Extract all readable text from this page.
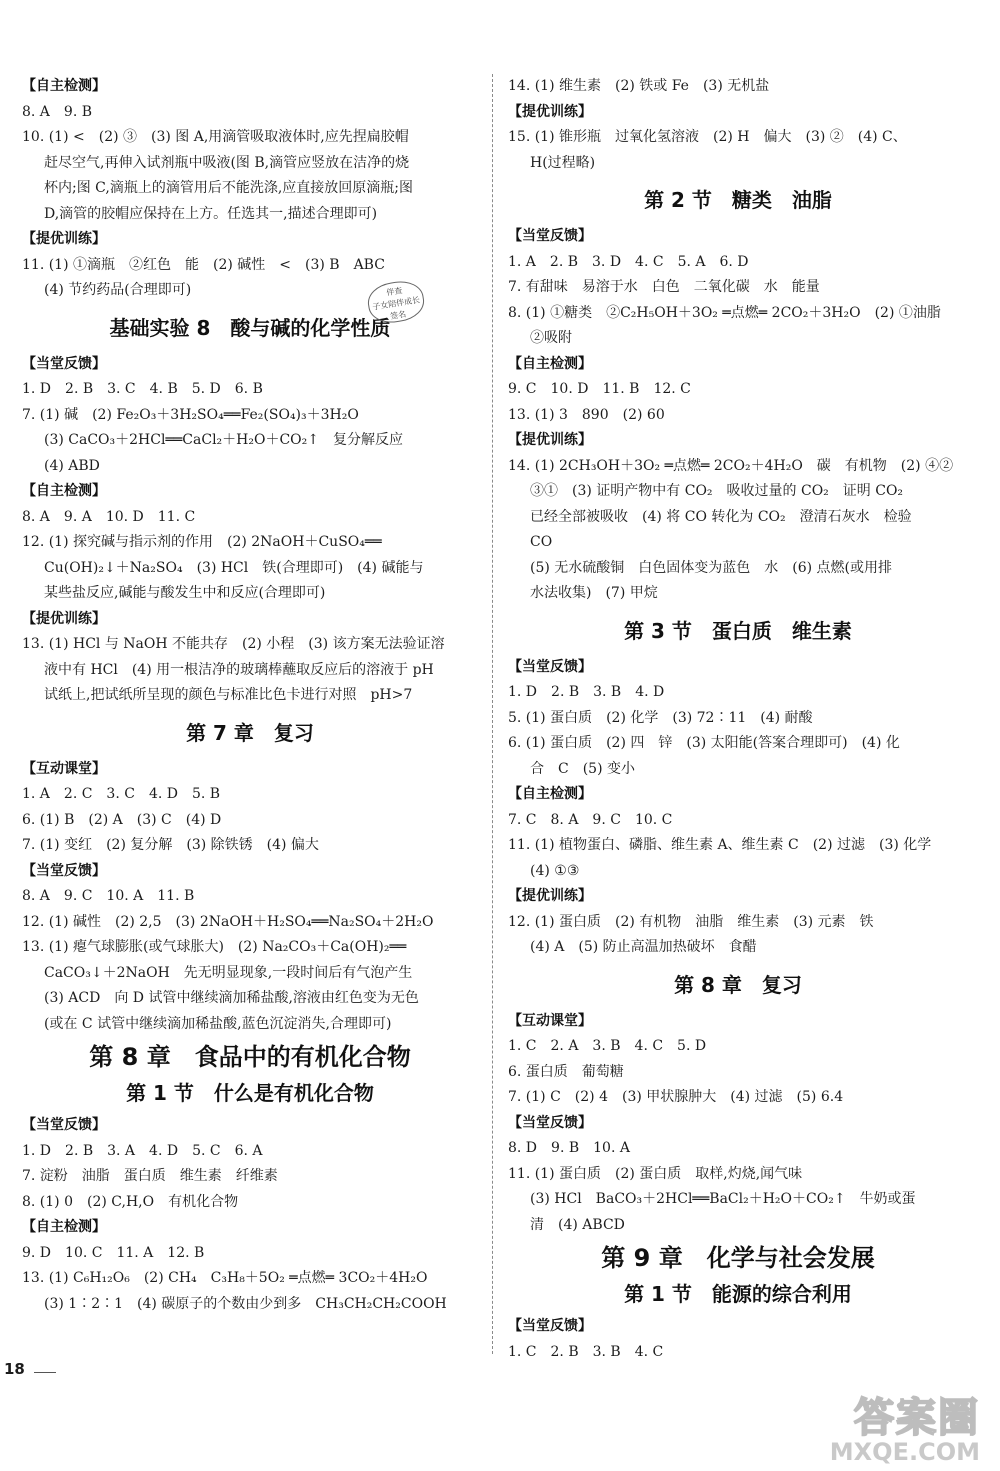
【自主检测】
8. A　9. B
10. (1) <　(2) ③　(3) 图 A,用滴管吸取液体时,应先捏扁胶帽
赶尽空气,再伸入试剂瓶中吸液(图 B,滴管应竖放在洁净的烧
杯内;图 C,滴瓶上的滴管用后不能洗涤,应直接放回原滴瓶;图
D,滴管的胶帽应保持在上方。任选其一,描述合理即可)
【提优训练】
11. (1) ①滴瓶　②红色　能　(2) 碱性　<　(3) B　ABC
(4) 节约药品(合理即可)
基础实验 8　酸与碱的化学性质
【当堂反馈】
1. D　2. B　3. C　4. B　5. D　6. B
7. (1) 碱　(2) Fe₂O₃＋3H₂SO₄══Fe₂(SO₄)₃＋3H₂O
(3) CaCO₃＋2HCl══CaCl₂＋H₂O＋CO₂↑　复分解反应
(4) ABD
【自主检测】
8. A　9. A　10. D　11. C
12. (1) 探究碱与指示剂的作用　(2) 2NaOH＋CuSO₄══
Cu(OH)₂↓＋Na₂SO₄　(3) HCl　铁(合理即可)　(4) 碱能与
某些盐反应,碱能与酸发生中和反应(合理即可)
【提优训练】
13. (1) HCl 与 NaOH 不能共存　(2) 小程　(3) 该方案无法验证溶
液中有 HCl　(4) 用一根洁净的玻璃棒蘸取反应后的溶液于 pH
试纸上,把试纸所呈现的颜色与标准比色卡进行对照　pH>7
第 7 章　复习
【互动课堂】
1. A　2. C　3. C　4. D　5. B
6. (1) B　(2) A　(3) C　(4) D
7. (1) 变红　(2) 复分解　(3) 除铁锈　(4) 偏大
【当堂反馈】
8. A　9. C　10. A　11. B
12. (1) 碱性　(2) 2,5　(3) 2NaOH＋H₂SO₄══Na₂SO₄＋2H₂O
13. (1) 瘪气球膨胀(或气球胀大)　(2) Na₂CO₃＋Ca(OH)₂══
CaCO₃↓＋2NaOH　先无明显现象,一段时间后有气泡产生
(3) ACD　向 D 试管中继续滴加稀盐酸,溶液由红色变为无色
(或在 C 试管中继续滴加稀盐酸,蓝色沉淀消失,合理即可)
第 8 章　食品中的有机化合物
第 1 节　什么是有机化合物
【当堂反馈】
1. D　2. B　3. A　4. D　5. C　6. A
7. 淀粉　油脂　蛋白质　维生素　纤维素
8. (1) 0　(2) C,H,O　有机化合物
【自主检测】
9. D　10. C　11. A　12. B
13. (1) C₆H₁₂O₆　(2) CH₄　C₃H₈＋5O₂ ═点燃═ 3CO₂＋4H₂O
(3) 1∶2∶1　(4) 碳原子的个数由少到多　CH₃CH₂CH₂COOH
14. (1) 维生素　(2) 铁或 Fe　(3) 无机盐
【提优训练】
15. (1) 锥形瓶　过氧化氢溶液　(2) H　偏大　(3) ②　(4) C、
H(过程略)
第 2 节　糖类　油脂
【当堂反馈】
1. A　2. B　3. D　4. C　5. A　6. D
7. 有甜味　易溶于水　白色　二氧化碳　水　能量
8. (1) ①糖类　②C₂H₅OH＋3O₂ ═点燃═ 2CO₂＋3H₂O　(2) ①油脂
②吸附
【自主检测】
9. C　10. D　11. B　12. C
13. (1) 3　890　(2) 60
【提优训练】
14. (1) 2CH₃OH＋3O₂ ═点燃═ 2CO₂＋4H₂O　碳　有机物　(2) ④②
③①　(3) 证明产物中有 CO₂　吸收过量的 CO₂　证明 CO₂
已经全部被吸收　(4) 将 CO 转化为 CO₂　澄清石灰水　检验
CO
(5) 无水硫酸铜　白色固体变为蓝色　水　(6) 点燃(或用排
水法收集)　(7) 甲烷
第 3 节　蛋白质　维生素
【当堂反馈】
1. D　2. B　3. B　4. D
5. (1) 蛋白质　(2) 化学　(3) 72∶11　(4) 耐酸
6. (1) 蛋白质　(2) 四　锌　(3) 太阳能(答案合理即可)　(4) 化
合　C　(5) 变小
【自主检测】
7. C　8. A　9. C　10. C
11. (1) 植物蛋白、磷脂、维生素 A、维生素 C　(2) 过滤　(3) 化学
(4) ①③
【提优训练】
12. (1) 蛋白质　(2) 有机物　油脂　维生素　(3) 元素　铁
(4) A　(5) 防止高温加热破坏　食醋
第 8 章　复习
【互动课堂】
1. C　2. A　3. B　4. C　5. D
6. 蛋白质　葡萄糖
7. (1) C　(2) 4　(3) 甲状腺肿大　(4) 过滤　(5) 6.4
【当堂反馈】
8. D　9. B　10. A
11. (1) 蛋白质　(2) 蛋白质　取样,灼烧,闻气味
(3) HCl　BaCO₃＋2HCl══BaCl₂＋H₂O＋CO₂↑　牛奶或蛋
清　(4) ABCD
第 9 章　化学与社会发展
第 1 节　能源的综合利用
【当堂反馈】
1. C　2. B　3. B　4. C
伴查
子女陪伴成长
签名
18
答案圈
MXQE.COM
